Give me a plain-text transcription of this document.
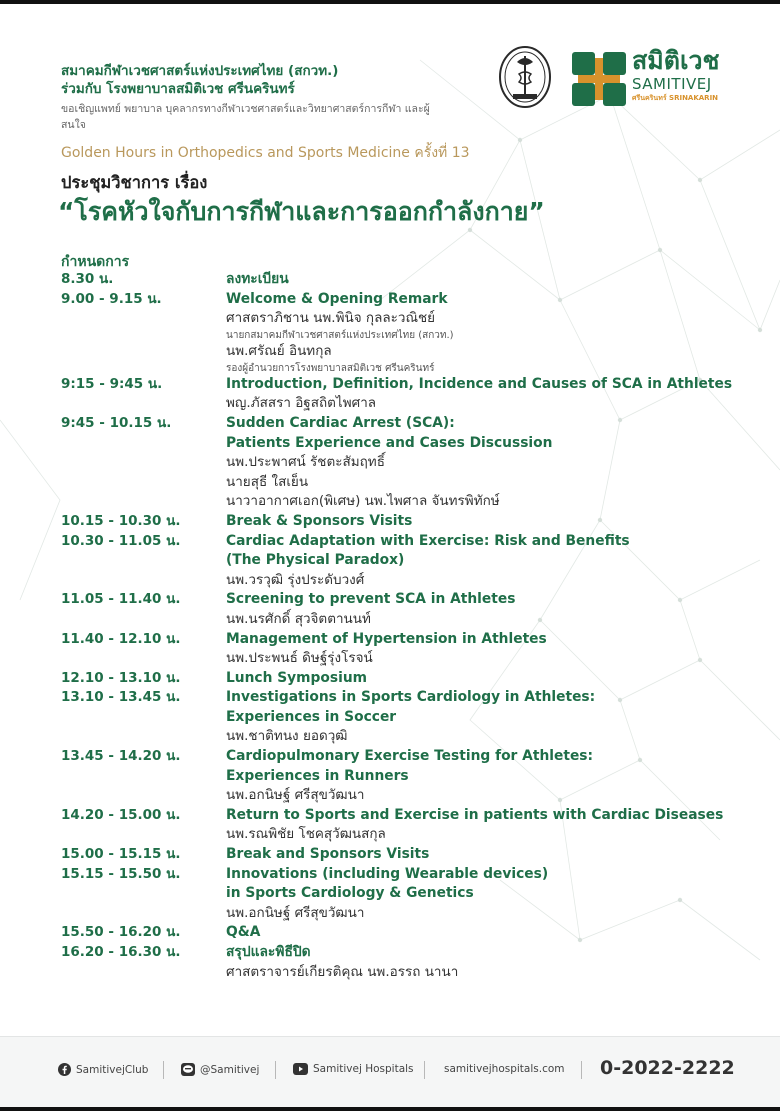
สมาคมกีฬาเวชศาสตร์แห่งประเทศไทย (สกวท.)
ร่วมกับ โรงพยาบาลสมิติเวช ศรีนครินทร์
ขอเชิญแพทย์ พยาบาล บุคลากรทางกีฬาเวชศาสตร์และวิทยาศาสตร์การกีฬา และผู้สนใจ
สมิติเวช
SAMITIVEJ
ศรีนครินทร์ SRINAKARIN
Golden Hours in Orthopedics and Sports Medicine ครั้งที่ 13
ประชุมวิชาการ เรื่อง
“โรคหัวใจกับการกีฬาและการออกกำลังกาย”
กำหนดการ
8.30 น.	ลงทะเบียน
9.00 - 9.15 น.	Welcome & Opening Remark
ศาสตราภิชาน นพ.พินิจ กุลละวณิชย์
นายกสมาคมกีฬาเวชศาสตร์แห่งประเทศไทย (สกวท.)
นพ.ศรัณย์ อินทกุล
รองผู้อำนวยการโรงพยาบาลสมิติเวช ศรีนครินทร์
9:15 - 9:45 น.	Introduction, Definition, Incidence and Causes of SCA in Athletes
พญ.ภัสสรา อิฐสถิตไพศาล
9:45 - 10.15 น.	Sudden Cardiac Arrest (SCA):
Patients Experience and Cases Discussion
นพ.ประพาศน์ รัชตะสัมฤทธิ์
นายสุธี ใสเย็น
นาวาอากาศเอก(พิเศษ) นพ.ไพศาล จันทรพิทักษ์
10.15 - 10.30 น.	Break & Sponsors Visits
10.30 - 11.05 น.	Cardiac Adaptation with Exercise: Risk and Benefits
(The Physical Paradox)
นพ.วรวุฒิ รุ่งประดับวงศ์
11.05 - 11.40 น.	Screening to prevent SCA in Athletes
นพ.นรศักดิ์ สุวจิตตานนท์
11.40 - 12.10 น.	Management of Hypertension in Athletes
นพ.ประพนธ์ ดิษฐ์รุ่งโรจน์
12.10 - 13.10 น.	Lunch Symposium
13.10 - 13.45 น.	Investigations in Sports Cardiology in Athletes:
Experiences in Soccer
นพ.ชาติทนง ยอดวุฒิ
13.45 - 14.20 น.	Cardiopulmonary Exercise Testing for Athletes:
Experiences in Runners
นพ.อกนิษฐ์ ศรีสุขวัฒนา
14.20 - 15.00 น.	Return to Sports and Exercise in patients with Cardiac Diseases
นพ.รณพิชัย โชคสุวัฒนสกุล
15.00 - 15.15 น.	Break and Sponsors Visits
15.15 - 15.50 น.	Innovations (including Wearable devices)
in Sports Cardiology & Genetics
นพ.อกนิษฐ์ ศรีสุขวัฒนา
15.50 - 16.20 น.	Q&A
16.20 - 16.30 น.	สรุปและพิธีปิด
ศาสตราจารย์เกียรติคุณ นพ.อรรถ นานา
SamitivejClub	@Samitivej	Samitivej Hospitals	samitivejhospitals.com 0-2022-2222
